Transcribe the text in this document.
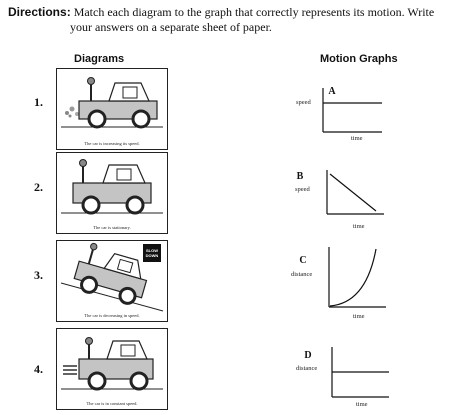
Directions: Match each diagram to the graph that correctly represents its motion. Write
your answers on a separate sheet of paper.
Diagrams	Motion Graphs
1.
The car is increasing its speed.
2.
The car is stationary.
3.
The car is decreasing in speed.
SLOW
DOWN
4.
The car is in constant speed.
A
speed
time
B
speed
time
C
distance
time
D
distance
time
